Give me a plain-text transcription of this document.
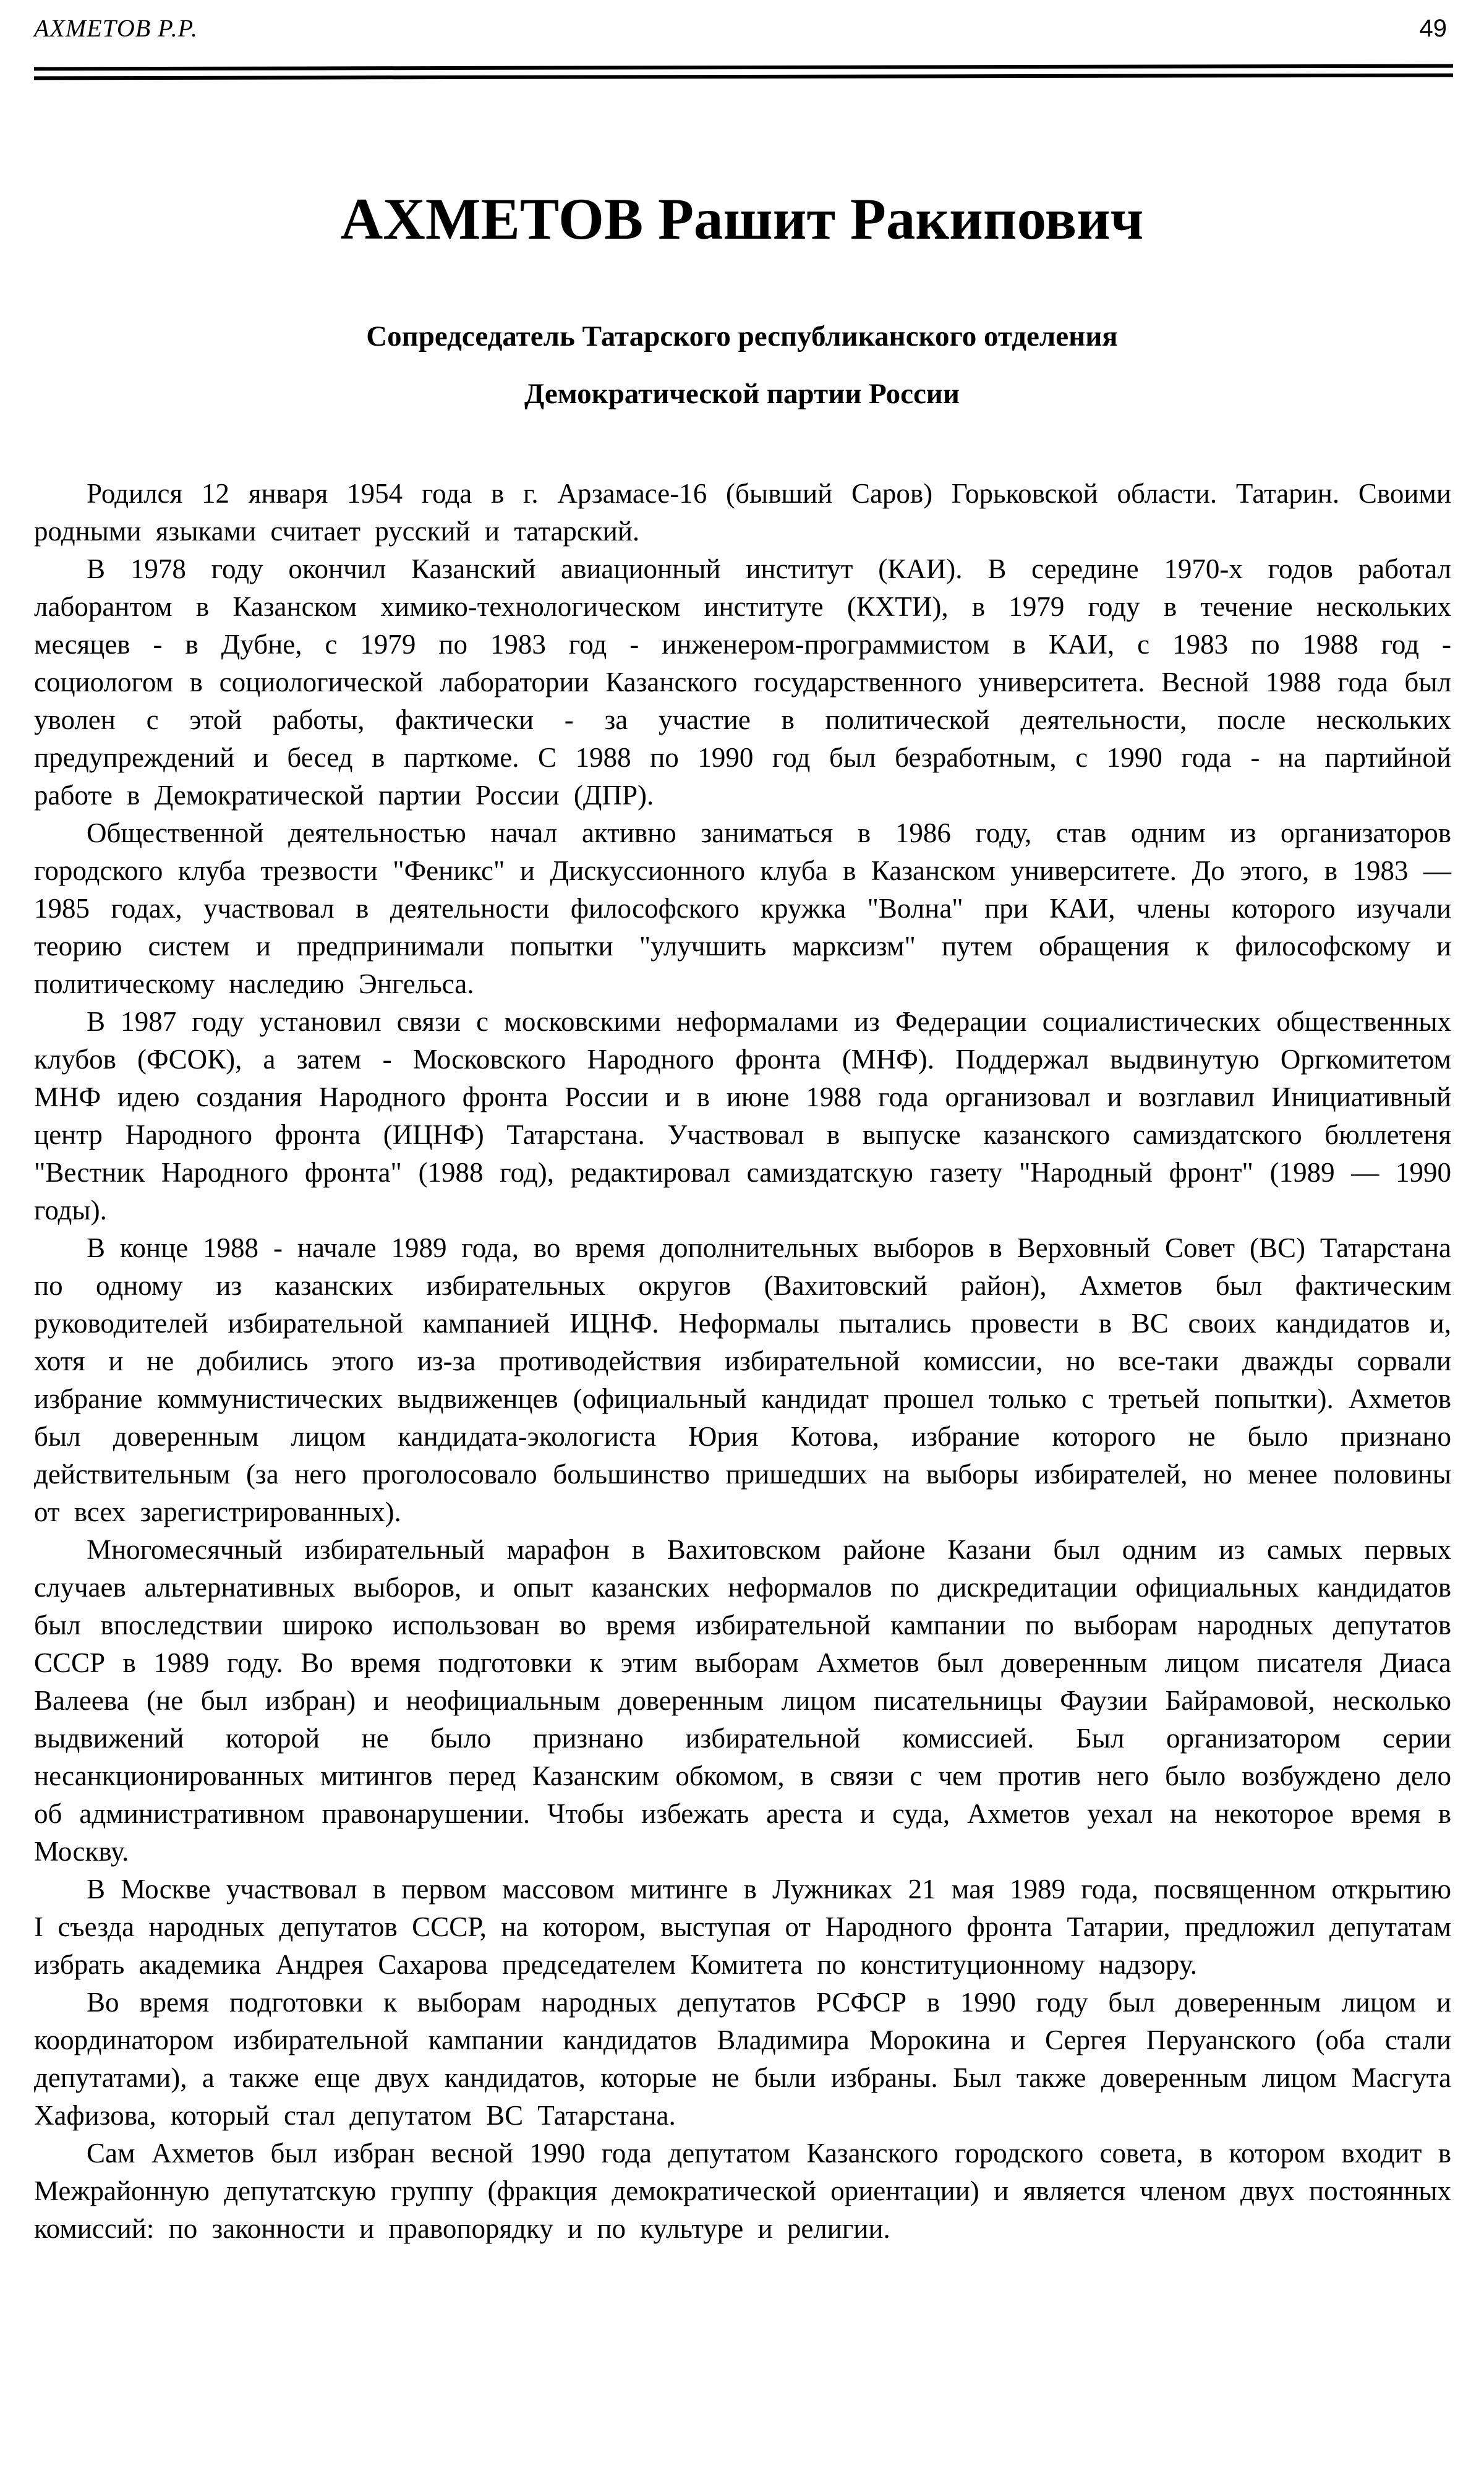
АХМЕТОВ Р.Р.	49
АХМЕТОВ Рашит Ракипович
Сопредседатель Татарского республиканского отделения
Демократической партии России

Родился 12 января 1954 года в г. Арзамасе-16 (бывший Саров) Горьковской области. Татарин. Своими родными языками считает русский и татарский.

В 1978 году окончил Казанский авиационный институт (КАИ). В середине 1970-х годов работал лаборантом в Казанском химико-технологическом институте (КХТИ), в 1979 году в течение нескольких месяцев - в Дубне, с 1979 по 1983 год - инженером-программистом в КАИ, с 1983 по 1988 год - социологом в социологической лаборатории Казанского государственного университета. Весной 1988 года был уволен с этой работы, фактически - за участие в политической деятельности, после нескольких предупреждений и бесед в парткоме. С 1988 по 1990 год был безработным, с 1990 года - на партийной работе в Демократической партии России (ДПР).

Общественной деятельностью начал активно заниматься в 1986 году, став одним из организаторов городского клуба трезвости "Феникс" и Дискуссионного клуба в Казанском университете. До этого, в 1983 — 1985 годах, участвовал в деятельности философского кружка "Волна" при КАИ, члены которого изучали теорию систем и предпринимали попытки "улучшить марксизм" путем обращения к философскому и политическому наследию Энгельса.

В 1987 году установил связи с московскими неформалами из Федерации социалистических общественных клубов (ФСОК), а затем - Московского Народного фронта (МНФ). Поддержал выдвинутую Оргкомитетом МНФ идею создания Народного фронта России и в июне 1988 года организовал и возглавил Инициативный центр Народного фронта (ИЦНФ) Татарстана. Участвовал в выпуске казанского самиздатского бюллетеня "Вестник Народного фронта" (1988 год), редактировал самиздатскую газету "Народный фронт" (1989 — 1990 годы).

В конце 1988 - начале 1989 года, во время дополнительных выборов в Верховный Совет (ВС) Татарстана по одному из казанских избирательных округов (Вахитовский район), Ахметов был фактическим руководителей избирательной кампанией ИЦНФ. Неформалы пытались провести в ВС своих кандидатов и, хотя и не добились этого из-за противодействия избирательной комиссии, но все-таки дважды сорвали избрание коммунистических выдвиженцев (официальный кандидат прошел только с третьей попытки). Ахметов был доверенным лицом кандидата-экологиста Юрия Котова, избрание которого не было признано действительным (за него проголосовало большинство пришедших на выборы избирателей, но менее половины от всех зарегистрированных).

Многомесячный избирательный марафон в Вахитовском районе Казани был одним из самых первых случаев альтернативных выборов, и опыт казанских неформалов по дискредитации официальных кандидатов был впоследствии широко использован во время избирательной кампании по выборам народных депутатов СССР в 1989 году. Во время подготовки к этим выборам Ахметов был доверенным лицом писателя Диаса Валеева (не был избран) и неофициальным доверенным лицом писательницы Фаузии Байрамовой, несколько выдвижений которой не было признано избирательной комиссией. Был организатором серии несанкционированных митингов перед Казанским обкомом, в связи с чем против него было возбуждено дело об административном правонарушении. Чтобы избежать ареста и суда, Ахметов уехал на некоторое время в Москву.

В Москве участвовал в первом массовом митинге в Лужниках 21 мая 1989 года, посвященном открытию I съезда народных депутатов СССР, на котором, выступая от Народного фронта Татарии, предложил депутатам избрать академика Андрея Сахарова председателем Комитета по конституционному надзору.

Во время подготовки к выборам народных депутатов РСФСР в 1990 году был доверенным лицом и координатором избирательной кампании кандидатов Владимира Морокина и Сергея Перуанского (оба стали депутатами), а также еще двух кандидатов, которые не были избраны. Был также доверенным лицом Масгута Хафизова, который стал депутатом ВС Татарстана.

Сам Ахметов был избран весной 1990 года депутатом Казанского городского совета, в котором входит в Межрайонную депутатскую группу (фракция демократической ориентации) и является членом двух постоянных комиссий: по законности и правопорядку и по культуре и религии.
